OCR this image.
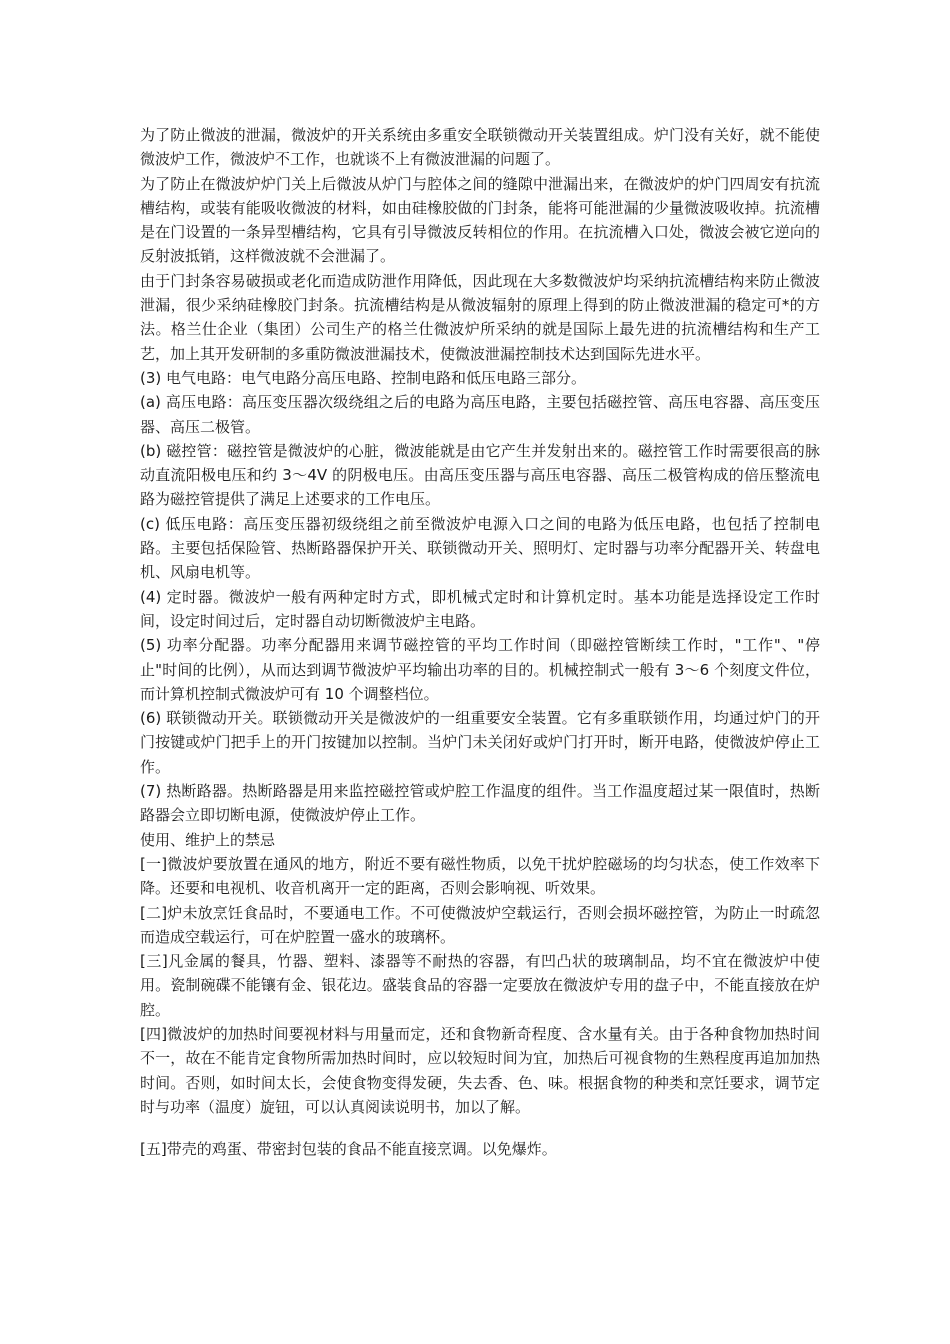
为了防止微波的泄漏，微波炉的开关系统由多重安全联锁微动开关装置组成。炉门没有关好，就不能使微波炉工作，微波炉不工作，也就谈不上有微波泄漏的问题了。

为了防止在微波炉炉门关上后微波从炉门与腔体之间的缝隙中泄漏出来，在微波炉的炉门四周安有抗流槽结构，或装有能吸收微波的材料，如由硅橡胶做的门封条，能将可能泄漏的少量微波吸收掉。抗流槽是在门设置的一条异型槽结构，它具有引导微波反转相位的作用。在抗流槽入口处，微波会被它逆向的反射波抵销，这样微波就不会泄漏了。

由于门封条容易破损或老化而造成防泄作用降低，因此现在大多数微波炉均采纳抗流槽结构来防止微波泄漏，很少采纳硅橡胶门封条。抗流槽结构是从微波辐射的原理上得到的防止微波泄漏的稳定可*的方法。格兰仕企业（集团）公司生产的格兰仕微波炉所采纳的就是国际上最先进的抗流槽结构和生产工艺，加上其开发研制的多重防微波泄漏技术，使微波泄漏控制技术达到国际先进水平。

(3) 电气电路：电气电路分高压电路、控制电路和低压电路三部分。

(a) 高压电路：高压变压器次级绕组之后的电路为高压电路，主要包括磁控管、高压电容器、高压变压器、高压二极管。

(b) 磁控管：磁控管是微波炉的心脏，微波能就是由它产生并发射出来的。磁控管工作时需要很高的脉动直流阳极电压和约 3～4V 的阴极电压。由高压变压器与高压电容器、高压二极管构成的倍压整流电路为磁控管提供了满足上述要求的工作电压。

(c) 低压电路：高压变压器初级绕组之前至微波炉电源入口之间的电路为低压电路，也包括了控制电路。主要包括保险管、热断路器保护开关、联锁微动开关、照明灯、定时器与功率分配器开关、转盘电机、风扇电机等。

(4) 定时器。微波炉一般有两种定时方式，即机械式定时和计算机定时。基本功能是选择设定工作时间，设定时间过后，定时器自动切断微波炉主电路。

(5) 功率分配器。功率分配器用来调节磁控管的平均工作时间（即磁控管断续工作时，"工作"、"停止"时间的比例），从而达到调节微波炉平均输出功率的目的。机械控制式一般有 3～6 个刻度文件位，而计算机控制式微波炉可有 10 个调整档位。

(6) 联锁微动开关。联锁微动开关是微波炉的一组重要安全装置。它有多重联锁作用，均通过炉门的开门按键或炉门把手上的开门按键加以控制。当炉门未关闭好或炉门打开时，断开电路，使微波炉停止工作。

(7) 热断路器。热断路器是用来监控磁控管或炉腔工作温度的组件。当工作温度超过某一限值时，热断路器会立即切断电源，使微波炉停止工作。

使用、维护上的禁忌

[一]微波炉要放置在通风的地方，附近不要有磁性物质，以免干扰炉腔磁场的均匀状态，使工作效率下降。还要和电视机、收音机离开一定的距离，否则会影响视、听效果。

[二]炉未放烹饪食品时，不要通电工作。不可使微波炉空载运行，否则会损坏磁控管，为防止一时疏忽而造成空载运行，可在炉腔置一盛水的玻璃杯。

[三]凡金属的餐具，竹器、塑料、漆器等不耐热的容器，有凹凸状的玻璃制品，均不宜在微波炉中使用。瓷制碗碟不能镶有金、银花边。盛装食品的容器一定要放在微波炉专用的盘子中，不能直接放在炉腔。

[四]微波炉的加热时间要视材料与用量而定，还和食物新奇程度、含水量有关。由于各种食物加热时间不一，故在不能肯定食物所需加热时间时，应以较短时间为宜，加热后可视食物的生熟程度再追加加热时间。否则，如时间太长，会使食物变得发硬，失去香、色、味。根据食物的种类和烹饪要求，调节定时与功率（温度）旋钮，可以认真阅读说明书，加以了解。

[五]带壳的鸡蛋、带密封包装的食品不能直接烹调。以免爆炸。
